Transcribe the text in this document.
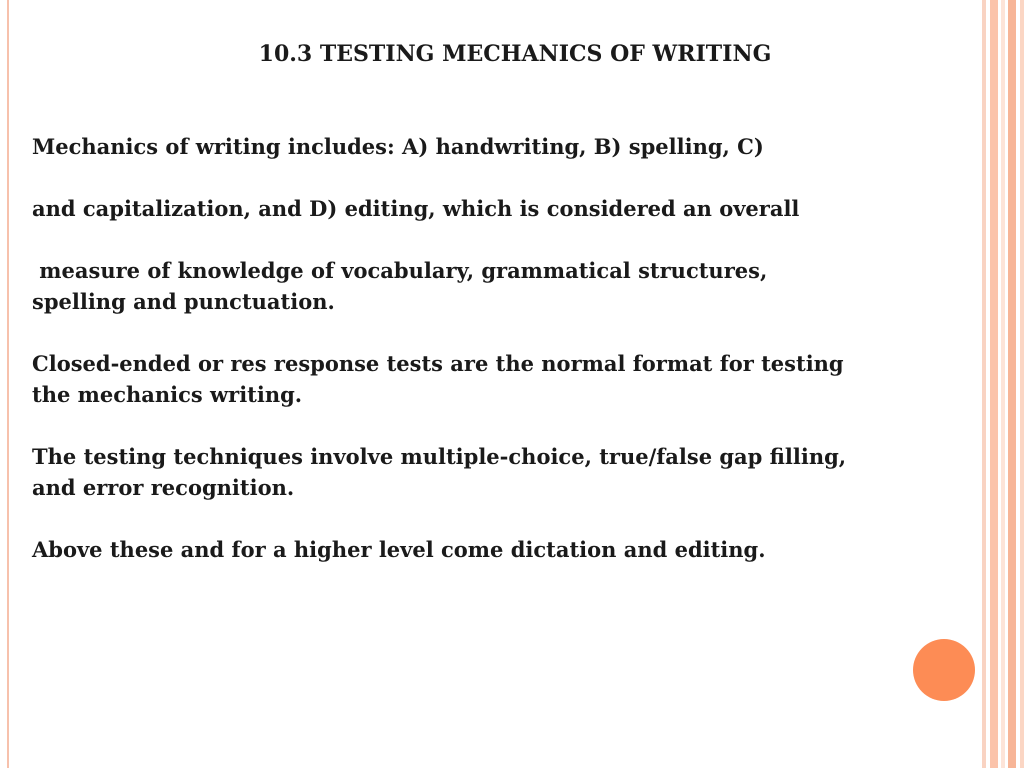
10.3 TESTING MECHANICS OF WRITING

Mechanics of writing includes: A) handwriting, B) spelling, C)

and capitalization, and D) editing, which is considered an overall

measure of knowledge of vocabulary, grammatical structures,
spelling and punctuation.

Closed-ended or res response tests are the normal format for testing
the mechanics writing.

The testing techniques involve multiple-choice, true/false gap filling,
and error recognition.

Above these and for a higher level come dictation and editing.
